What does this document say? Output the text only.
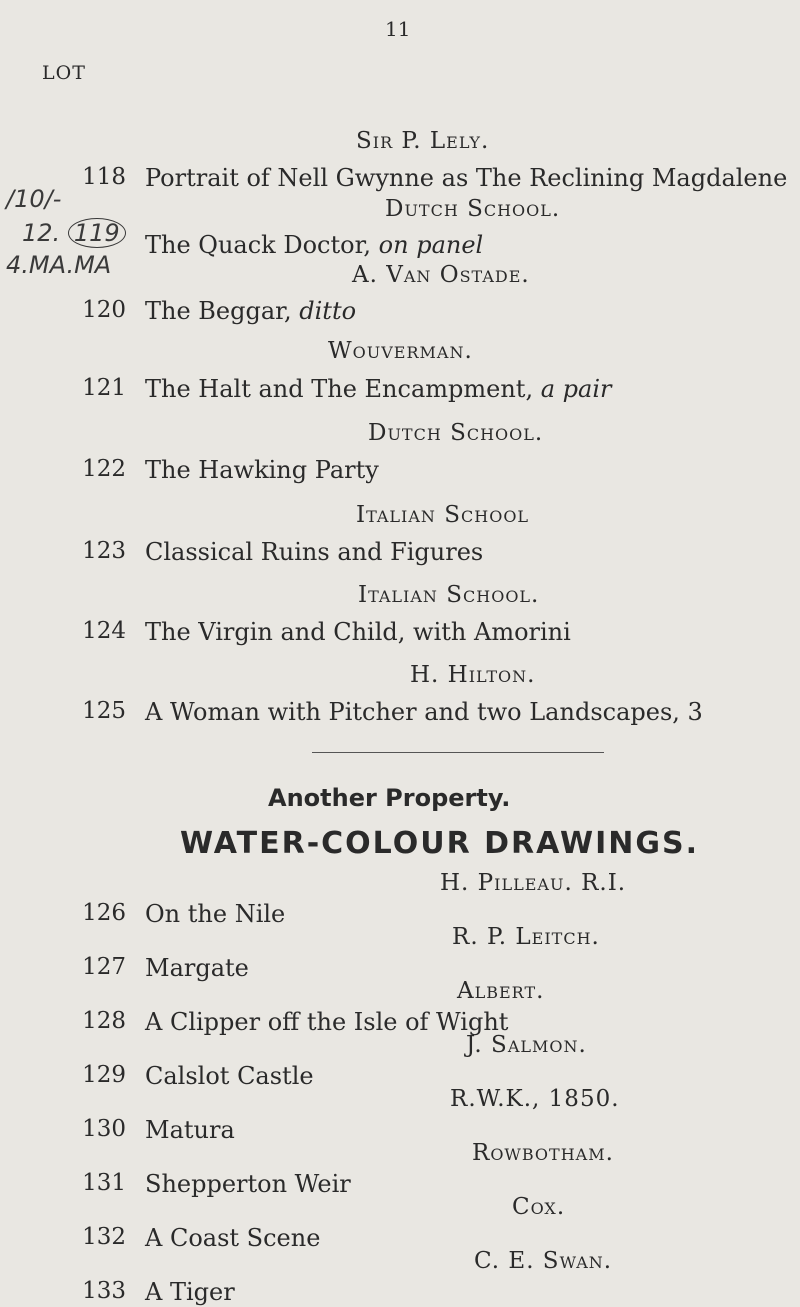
11
LOT
/10/-
12. 119
4.MA.MA
Sir P. Lely.
118 Portrait of Nell Gwynne as The Reclining Magdalene
Dutch School.
The Quack Doctor, on panel
A. Van Ostade.
120 The Beggar, ditto
Wouverman.
121 The Halt and The Encampment, a pair
Dutch School.
122 The Hawking Party
Italian School
123 Classical Ruins and Figures
Italian School.
124 The Virgin and Child, with Amorini
H. Hilton.
125 A Woman with Pitcher and two Landscapes, 3
Another Property.
WATER-COLOUR DRAWINGS.
H. Pilleau. R.I.
126 On the Nile
R. P. Leitch.
127 Margate
Albert.
128 A Clipper off the Isle of Wight
J. Salmon.
129 Calslot Castle
R.W.K., 1850.
130 Matura
Rowbotham.
131 Shepperton Weir
Cox.
132 A Coast Scene
C. E. Swan.
133 A Tiger
